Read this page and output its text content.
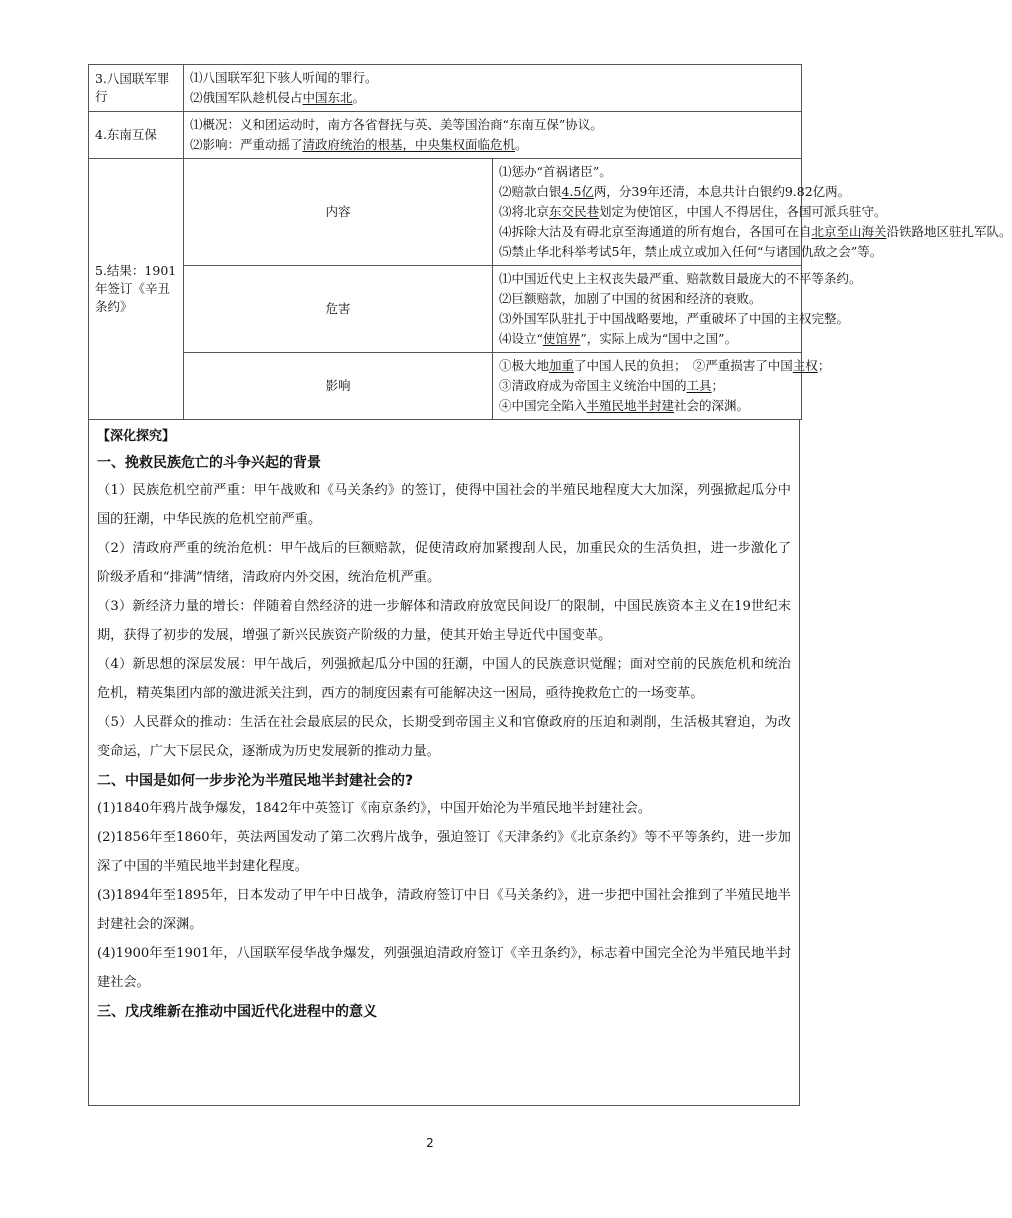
3.八国联军罪行	⑴八国联军犯下骇人听闻的罪行。
⑵俄国军队趁机侵占中国东北。	

4.东南互保	⑴概况：义和团运动时，南方各省督抚与英、美等国治商“东南互保”协议。
⑵影响：严重动摇了清政府统治的根基，中央集权面临危机。	

5.结果：1901年签订《辛丑条约》	内容	⑴惩办“首祸诸臣”。
⑵赔款白银4.5亿两，分39年还清，本息共计白银约9.82亿两。
⑶将北京东交民巷划定为使馆区，中国人不得居住，各国可派兵驻守。
⑷拆除大沽及有碍北京至海通道的所有炮台，各国可在自北京至山海关沿铁路地区驻扎军队。
⑸禁止华北科举考试5年，禁止成立或加入任何“与诸国仇敌之会”等。

	危害	⑴中国近代史上主权丧失最严重、赔款数目最庞大的不平等条约。
⑵巨额赔款，加剧了中国的贫困和经济的衰败。
⑶外国军队驻扎于中国战略要地，严重破坏了中国的主权完整。
⑷设立“使馆界”，实际上成为“国中之国”。

	影响	①极大地加重了中国人民的负担；　②严重损害了中国主权；
③清政府成为帝国主义统治中国的工具；
④中国完全陷入半殖民地半封建社会的深渊。
【深化探究】
一、挽救民族危亡的斗争兴起的背景

（1）民族危机空前严重：甲午战败和《马关条约》的签订，使得中国社会的半殖民地程度大大加深，列强掀起瓜分中国的狂潮，中华民族的危机空前严重。

（2）清政府严重的统治危机：甲午战后的巨额赔款，促使清政府加紧搜刮人民，加重民众的生活负担，进一步激化了阶级矛盾和“排满”情绪，清政府内外交困，统治危机严重。

（3）新经济力量的增长：伴随着自然经济的进一步解体和清政府放宽民间设厂的限制，中国民族资本主义在19世纪末期，获得了初步的发展，增强了新兴民族资产阶级的力量，使其开始主导近代中国变革。

（4）新思想的深层发展：甲午战后，列强掀起瓜分中国的狂潮，中国人的民族意识觉醒；面对空前的民族危机和统治危机，精英集团内部的激进派关注到，西方的制度因素有可能解决这一困局，亟待挽救危亡的一场变革。

（5）人民群众的推动：生活在社会最底层的民众，长期受到帝国主义和官僚政府的压迫和剥削，生活极其窘迫，为改变命运，广大下层民众，逐渐成为历史发展新的推动力量。

二、中国是如何一步步沦为半殖民地半封建社会的?

(1)1840年鸦片战争爆发，1842年中英签订《南京条约》，中国开始沦为半殖民地半封建社会。

(2)1856年至1860年，英法两国发动了第二次鸦片战争，强迫签订《天津条约》《北京条约》等不平等条约，进一步加深了中国的半殖民地半封建化程度。

(3)1894年至1895年，日本发动了甲午中日战争，清政府签订中日《马关条约》，进一步把中国社会推到了半殖民地半封建社会的深渊。

(4)1900年至1901年，八国联军侵华战争爆发，列强强迫清政府签订《辛丑条约》，标志着中国完全沦为半殖民地半封建社会。

三、戊戌维新在推动中国近代化进程中的意义
2
